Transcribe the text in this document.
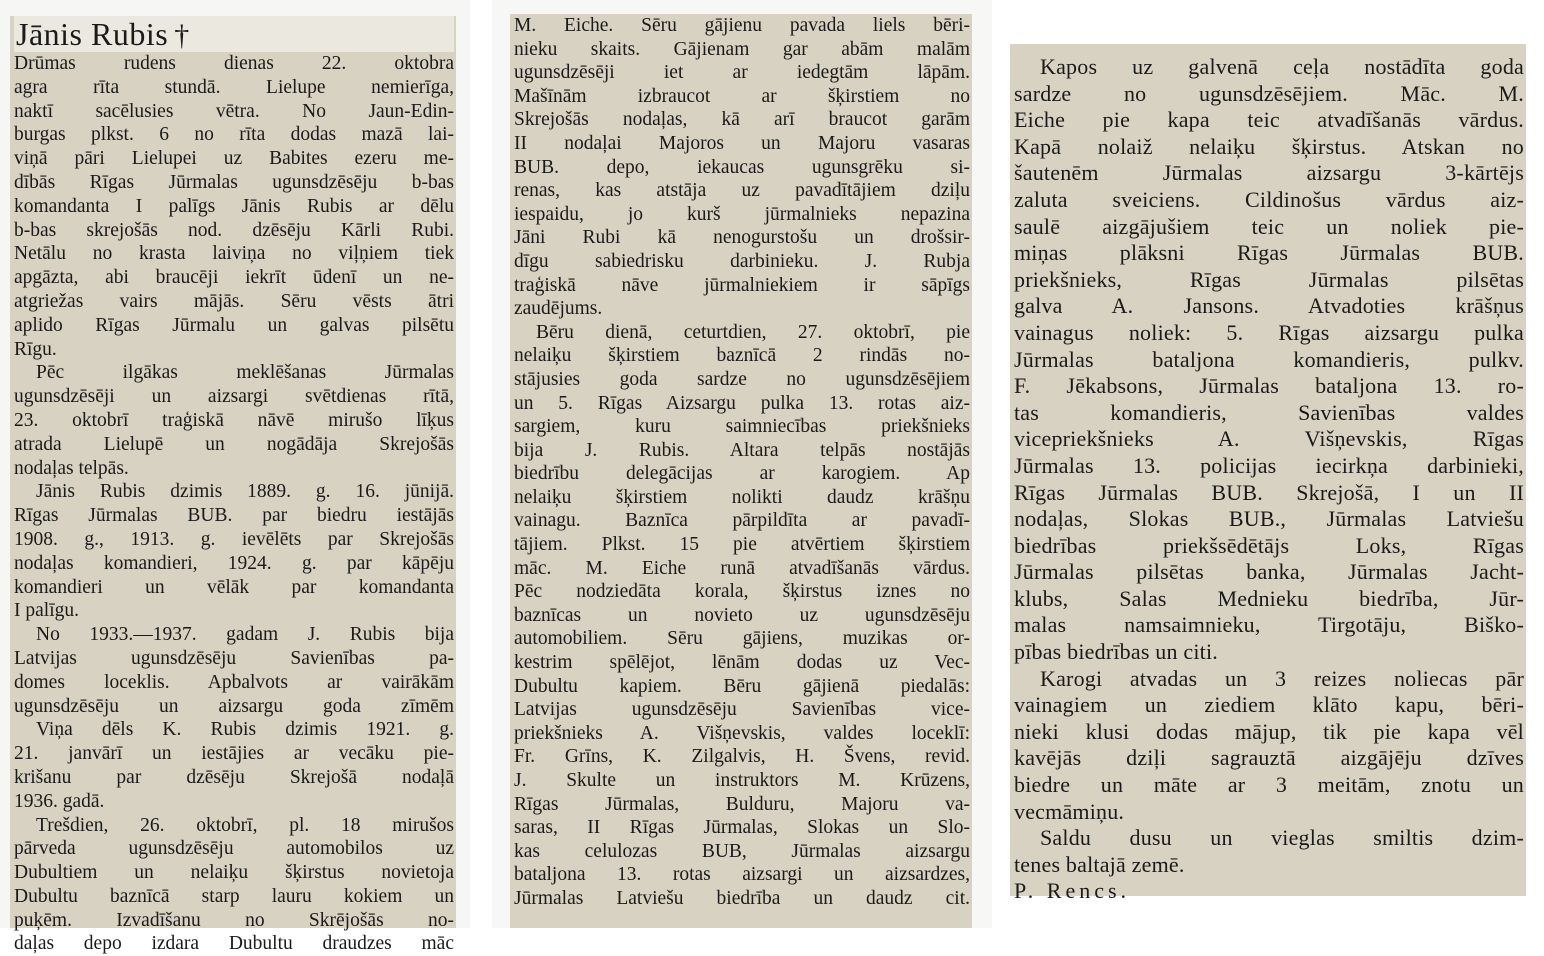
Jānis Rubis †
Drūmas rudens dienas 22. oktobra
agra rīta stundā. Lielupe nemierīga,
naktī sacēlusies vētra. No Jaun-Edin-
burgas plkst. 6 no rīta dodas mazā lai-
viņā pāri Lielupei uz Babites ezeru me-
dībās Rīgas Jūrmalas ugunsdzēsēju b-bas
komandanta I palīgs Jānis Rubis ar dēlu
b-bas skrejošās nod. dzēsēju Kārli Rubi.
Netālu no krasta laiviņa no viļņiem tiek
apgāzta, abi braucēji iekrīt ūdenī un ne-
atgriežas vairs mājās. Sēru vēsts ātri
aplido Rīgas Jūrmalu un galvas pilsētu
Rīgu.
Pēc ilgākas meklēšanas Jūrmalas
ugunsdzēsēji un aizsargi svētdienas rītā,
23. oktobrī traģiskā nāvē mirušo līķus
atrada Lielupē un nogādāja Skrejošās
nodaļas telpās.
Jānis Rubis dzimis 1889. g. 16. jūnijā.
Rīgas Jūrmalas BUB. par biedru iestājās
1908. g., 1913. g. ievēlēts par Skrejošās
nodaļas komandieri, 1924. g. par kāpēju
komandieri un vēlāk par komandanta
I palīgu.
No 1933.—1937. gadam J. Rubis bija
Latvijas ugunsdzēsēju Savienības pa-
domes loceklis. Apbalvots ar vairākām
ugunsdzēsēju un aizsargu goda zīmēm
Viņa dēls K. Rubis dzimis 1921. g.
21. janvārī un iestājies ar vecāku pie-
krišanu par dzēsēju Skrejošā nodaļā
1936. gadā.
Trešdien, 26. oktobrī, pl. 18 mirušos
pārveda ugunsdzēsēju automobilos uz
Dubultiem un nelaiķu šķirstus novietoja
Dubultu baznīcā starp lauru kokiem un
puķēm. Izvadīšanu no Skrējošās no-
daļas depo izdara Dubultu draudzes māc
M. Eiche. Sēru gājienu pavada liels bēri-
nieku skaits. Gājienam gar abām malām
ugunsdzēsēji iet ar iedegtām lāpām.
Mašīnām izbraucot ar šķirstiem no
Skrejošās nodaļas, kā arī braucot garām
II nodaļai Majoros un Majoru vasaras
BUB. depo, iekaucas ugunsgrēku si-
renas, kas atstāja uz pavadītājiem dziļu
iespaidu, jo kurš jūrmalnieks nepazina
Jāni Rubi kā nenogurstošu un drošsir-
dīgu sabiedrisku darbinieku. J. Rubja
traģiskā nāve jūrmalniekiem ir sāpīgs
zaudējums.
Bēru dienā, ceturtdien, 27. oktobrī, pie
nelaiķu šķirstiem baznīcā 2 rindās no-
stājusies goda sardze no ugunsdzēsējiem
un 5. Rīgas Aizsargu pulka 13. rotas aiz-
sargiem, kuru saimniecības priekšnieks
bija J. Rubis. Altara telpās nostājās
biedrību delegācijas ar karogiem. Ap
nelaiķu šķirstiem nolikti daudz krāšņu
vainagu. Baznīca pārpildīta ar pavadī-
tājiem. Plkst. 15 pie atvērtiem šķirstiem
māc. M. Eiche runā atvadīšanās vārdus.
Pēc nodziedāta korala, šķirstus iznes no
baznīcas un novieto uz ugunsdzēsēju
automobiliem. Sēru gājiens, muzikas or-
kestrim spēlējot, lēnām dodas uz Vec-
Dubultu kapiem. Bēru gājienā piedalās:
Latvijas ugunsdzēsēju Savienības vice-
priekšnieks A. Višņevskis, valdes loceklī:
Fr. Grīns, K. Zilgalvis, H. Švens, revid.
J. Skulte un instruktors M. Krūzens,
Rīgas Jūrmalas, Bulduru, Majoru va-
saras, II Rīgas Jūrmalas, Slokas un Slo-
kas celulozas BUB, Jūrmalas aizsargu
bataljona 13. rotas aizsargi un aizsardzes,
Jūrmalas Latviešu biedrība un daudz cit.
Kapos uz galvenā ceļa nostādīta goda
sardze no ugunsdzēsējiem. Māc. M.
Eiche pie kapa teic atvadīšanās vārdus.
Kapā nolaiž nelaiķu šķirstus. Atskan no
šautenēm Jūrmalas aizsargu 3-kārtējs
zaluta sveiciens. Cildinošus vārdus aiz-
saulē aizgājušiem teic un noliek pie-
miņas plāksni Rīgas Jūrmalas BUB.
priekšnieks, Rīgas Jūrmalas pilsētas
galva A. Jansons. Atvadoties krāšņus
vainagus noliek: 5. Rīgas aizsargu pulka
Jūrmalas bataljona komandieris, pulkv.
F. Jēkabsons, Jūrmalas bataljona 13. ro-
tas komandieris, Savienības valdes
vicepriekšnieks A. Višņevskis, Rīgas
Jūrmalas 13. policijas iecirkņa darbinieki,
Rīgas Jūrmalas BUB. Skrejošā, I un II
nodaļas, Slokas BUB., Jūrmalas Latviešu
biedrības priekšsēdētājs Loks, Rīgas
Jūrmalas pilsētas banka, Jūrmalas Jacht-
klubs, Salas Mednieku biedrība, Jūr-
malas namsaimnieku, Tirgotāju, Biško-
pības biedrības un citi.
Karogi atvadas un 3 reizes noliecas pār
vainagiem un ziediem klāto kapu, bēri-
nieki klusi dodas mājup, tik pie kapa vēl
kavējās dziļi sagrauztā aizgājēju dzīves
biedre un māte ar 3 meitām, znotu un
vecmāmiņu.
Saldu dusu un vieglas smiltis dzim-
tenes baltajā zemē.
P. Rencs.
